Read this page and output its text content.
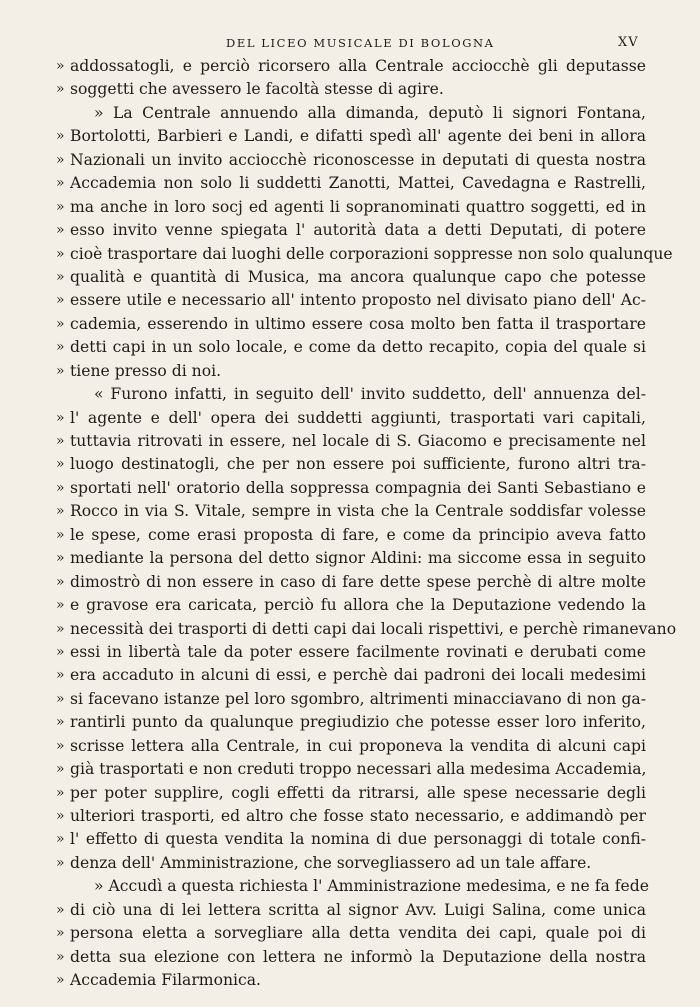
DEL LICEO MUSICALE DI BOLOGNA	XV
» addossatogli, e perciò ricorsero alla Centrale acciocchè gli deputasse
» soggetti che avessero le facoltà stesse di agire.
» La Centrale annuendo alla dimanda, deputò li signori Fontana,
» Bortolotti, Barbieri e Landi, e difatti spedì all' agente dei beni in allora
» Nazionali un invito acciocchè riconoscesse in deputati di questa nostra
» Accademia non solo li suddetti Zanotti, Mattei, Cavedagna e Rastrelli,
» ma anche in loro socj ed agenti li sopranominati quattro soggetti, ed in
» esso invito venne spiegata l' autorità data a detti Deputati, di potere
» cioè trasportare dai luoghi delle corporazioni soppresse non solo qualunque
» qualità e quantità di Musica, ma ancora qualunque capo che potesse
» essere utile e necessario all' intento proposto nel divisato piano dell' Ac-
» cademia, esserendo in ultimo essere cosa molto ben fatta il trasportare
» detti capi in un solo locale, e come da detto recapito, copia del quale si
» tiene presso di noi.
« Furono infatti, in seguito dell' invito suddetto, dell' annuenza del-
» l' agente e dell' opera dei suddetti aggiunti, trasportati vari capitali,
» tuttavia ritrovati in essere, nel locale di S. Giacomo e precisamente nel
» luogo destinatogli, che per non essere poi sufficiente, furono altri tra-
» sportati nell' oratorio della soppressa compagnia dei Santi Sebastiano e
» Rocco in via S. Vitale, sempre in vista che la Centrale soddisfar volesse
» le spese, come erasi proposta di fare, e come da principio aveva fatto
» mediante la persona del detto signor Aldini: ma siccome essa in seguito
» dimostrò di non essere in caso di fare dette spese perchè di altre molte
» e gravose era caricata, perciò fu allora che la Deputazione vedendo la
» necessità dei trasporti di detti capi dai locali rispettivi, e perchè rimanevano
» essi in libertà tale da poter essere facilmente rovinati e derubati come
» era accaduto in alcuni di essi, e perchè dai padroni dei locali medesimi
» si facevano istanze pel loro sgombro, altrimenti minacciavano di non ga-
» rantirli punto da qualunque pregiudizio che potesse esser loro inferito,
» scrisse lettera alla Centrale, in cui proponeva la vendita di alcuni capi
» già trasportati e non creduti troppo necessari alla medesima Accademia,
» per poter supplire, cogli effetti da ritrarsi, alle spese necessarie degli
» ulteriori trasporti, ed altro che fosse stato necessario, e addimandò per
» l' effetto di questa vendita la nomina di due personaggi di totale confi-
» denza dell' Amministrazione, che sorvegliassero ad un tale affare.
» Accudì a questa richiesta l' Amministrazione medesima, e ne fa fede
» di ciò una di lei lettera scritta al signor Avv. Luigi Salina, come unica
» persona eletta a sorvegliare alla detta vendita dei capi, quale poi di
» detta sua elezione con lettera ne informò la Deputazione della nostra
» Accademia Filarmonica.
